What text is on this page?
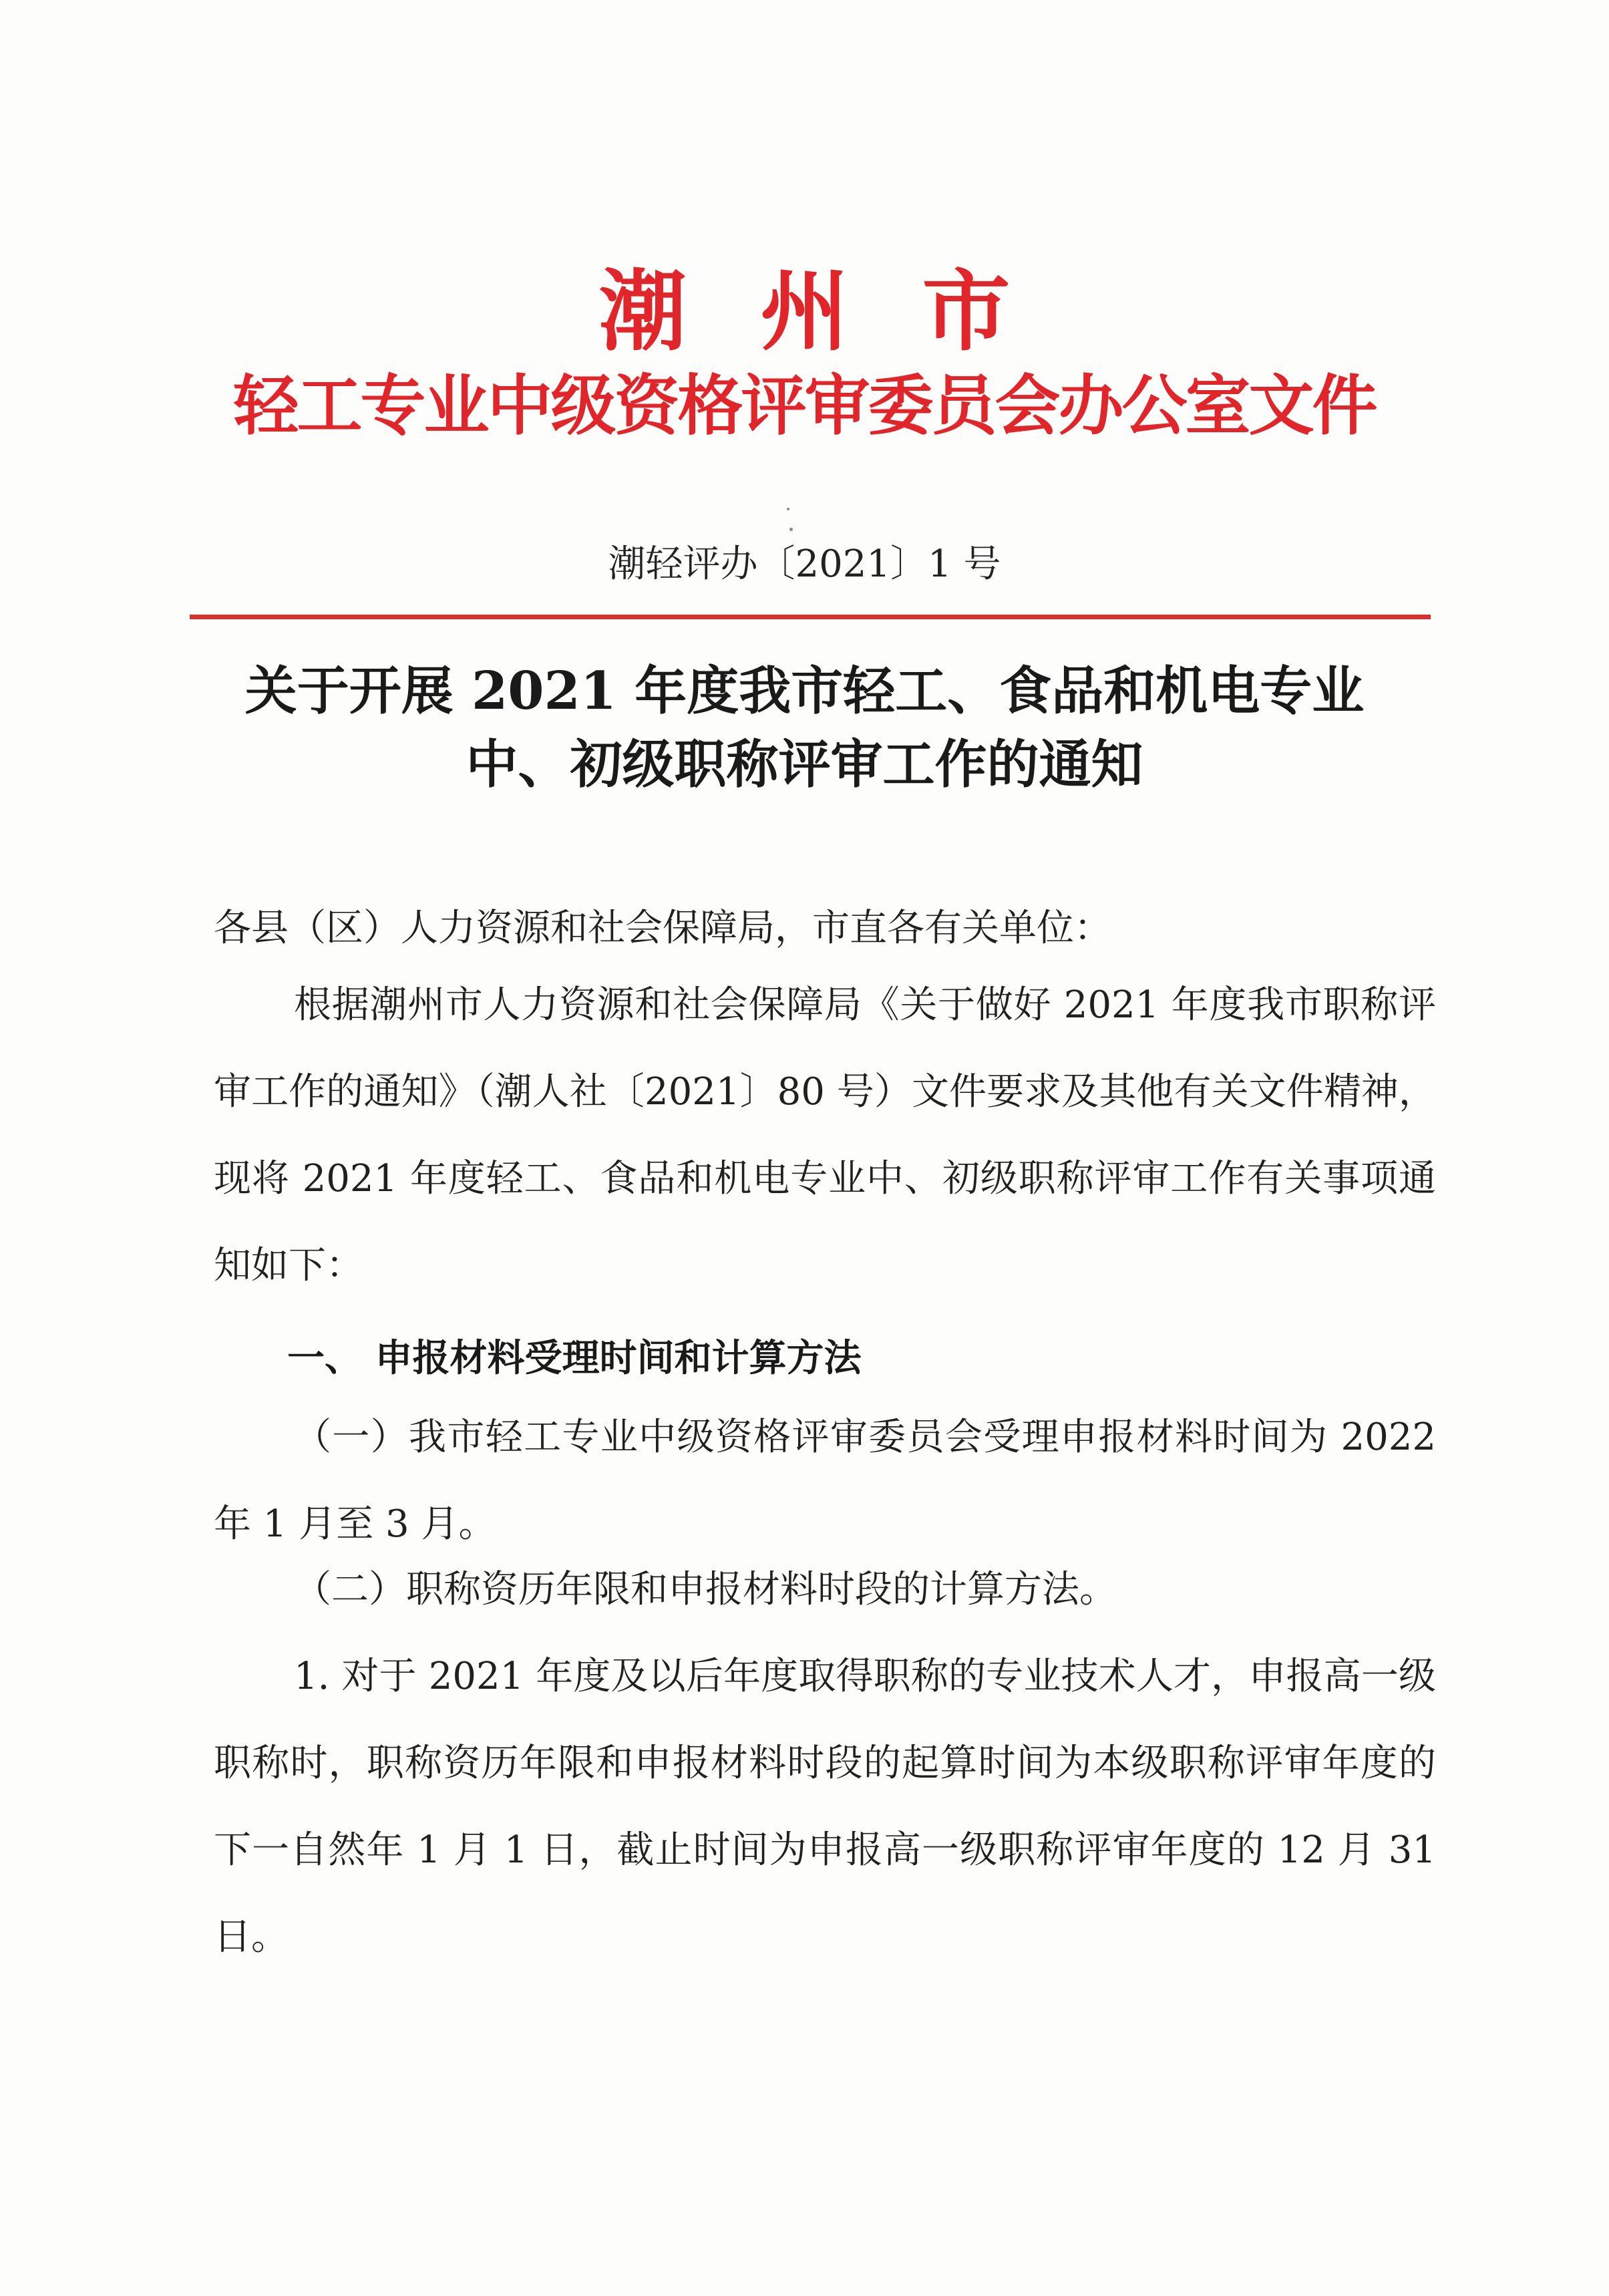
潮州市
轻工专业中级资格评审委员会办公室文件
潮轻评办〔2021〕1 号
关于开展 2021 年度我市轻工、食品和机电专业
中、初级职称评审工作的通知
各县（区）人力资源和社会保障局，市直各有关单位：
根据潮州市人力资源和社会保障局《关于做好 2021 年度我市职称评审工作的通知》（潮人社〔2021〕80 号）文件要求及其他有关文件精神，现将 2021 年度轻工、食品和机电专业中、初级职称评审工作有关事项通知如下：
一、 申报材料受理时间和计算方法
（一）我市轻工专业中级资格评审委员会受理申报材料时间为 2022 年 1 月至 3 月。
（二）职称资历年限和申报材料时段的计算方法。
1. 对于 2021 年度及以后年度取得职称的专业技术人才，申报高一级职称时，职称资历年限和申报材料时段的起算时间为本级职称评审年度的下一自然年 1 月 1 日，截止时间为申报高一级职称评审年度的 12 月 31 日。
